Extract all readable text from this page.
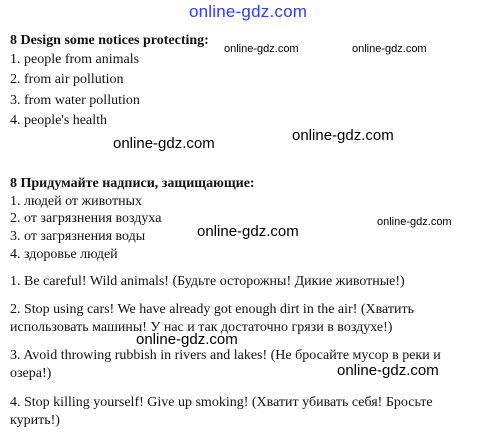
online-gdz.com
online-gdz.com	online-gdz.com
online-gdz.com
online-gdz.com
online-gdz.com
online-gdz.com
online-gdz.com
online-gdz.com
8 Design some notices protecting:
1. people from animals
2. from air pollution
3. from water pollution
4. people's health
8 Придумайте надписи, защищающие:
1. людей от животных
2. от загрязнения воздуха
3. от загрязнения воды
4. здоровье людей
1. Be careful! Wild animals! (Будьте осторожны! Дикие животные!)
2. Stop using cars! We have already got enough dirt in the air! (Хватить
использовать машины! У нас и так достаточно грязи в воздухе!)
3. Avoid throwing rubbish in rivers and lakes! (Не бросайте мусор в реки и
озера!)
4. Stop killing yourself! Give up smoking! (Хватит убивать себя! Бросьте
курить!)
